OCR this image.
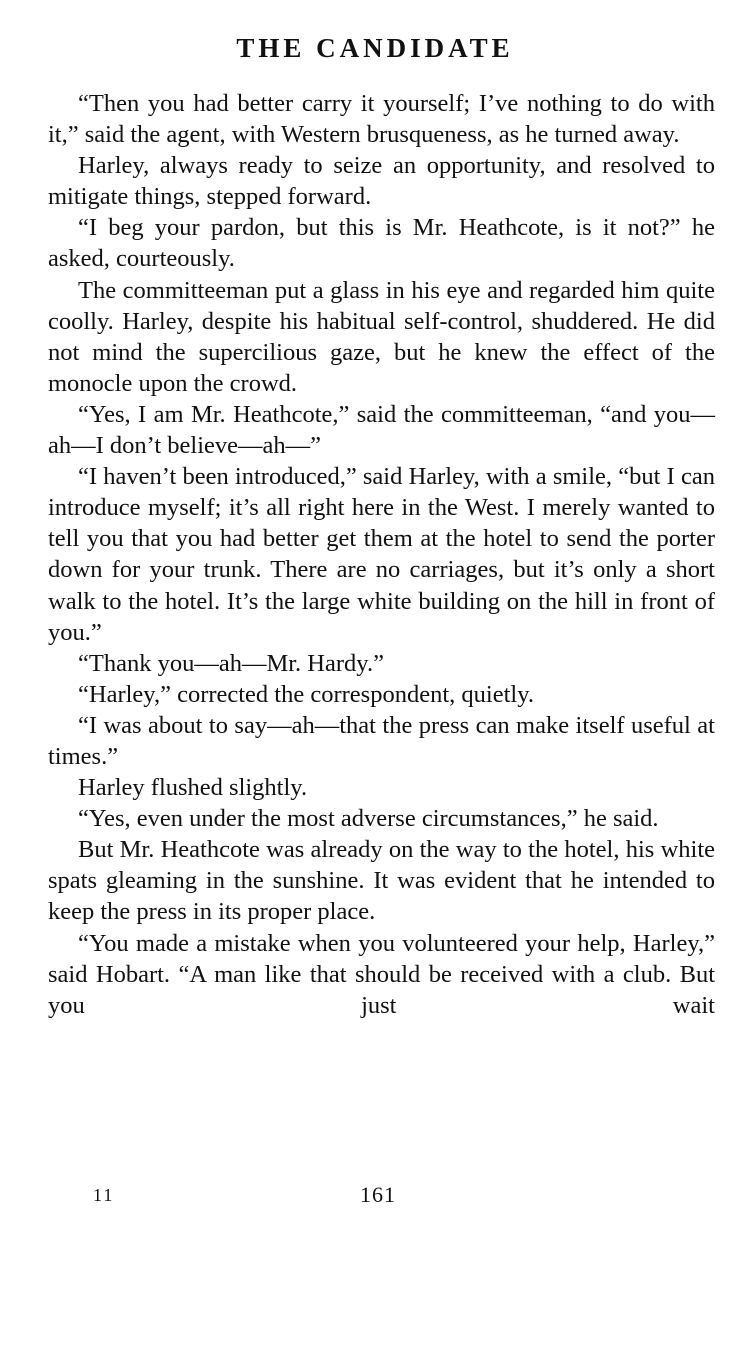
THE CANDIDATE

“Then you had better carry it yourself; I’ve nothing to do with it,” said the agent, with Western brusqueness, as he turned away.

Harley, always ready to seize an opportunity, and resolved to mitigate things, stepped forward.

“I beg your pardon, but this is Mr. Heathcote, is it not?” he asked, courteously.

The committeeman put a glass in his eye and regarded him quite coolly. Harley, despite his habitual self-control, shuddered. He did not mind the supercilious gaze, but he knew the effect of the monocle upon the crowd.

“Yes, I am Mr. Heathcote,” said the committeeman, “and you—ah—I don’t believe—ah—”

“I haven’t been introduced,” said Harley, with a smile, “but I can introduce myself; it’s all right here in the West. I merely wanted to tell you that you had better get them at the hotel to send the porter down for your trunk. There are no carriages, but it’s only a short walk to the hotel. It’s the large white building on the hill in front of you.”

“Thank you—ah—Mr. Hardy.”

“Harley,” corrected the correspondent, quietly.

“I was about to say—ah—that the press can make itself useful at times.”

Harley flushed slightly.

“Yes, even under the most adverse circumstances,” he said.

But Mr. Heathcote was already on the way to the hotel, his white spats gleaming in the sunshine. It was evident that he intended to keep the press in its proper place.

“You made a mistake when you volunteered your help, Harley,” said Hobart. “A man like that should be received with a club. But you just wait

11	161
